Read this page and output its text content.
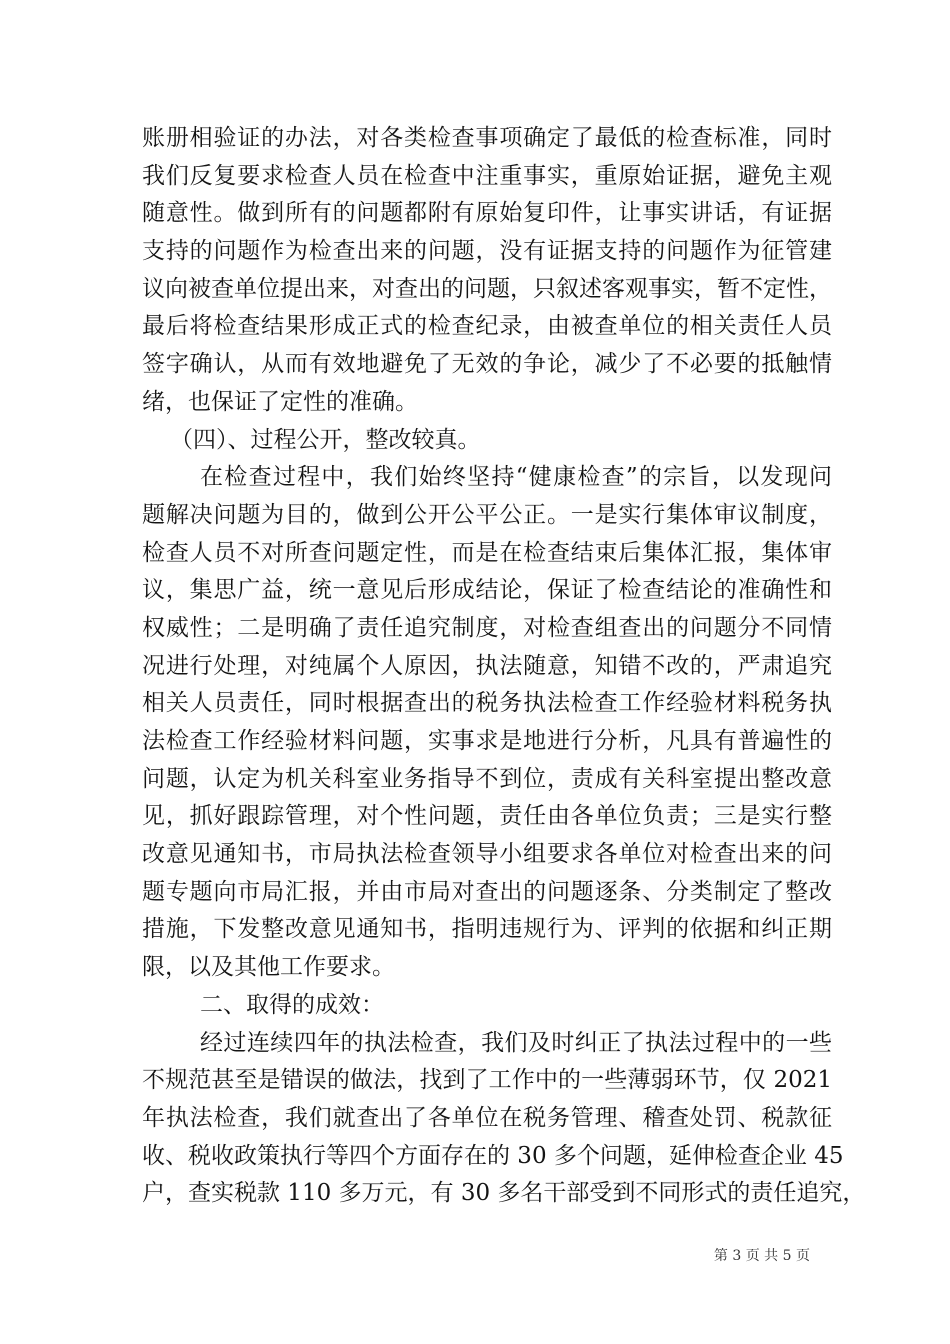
账册相验证的办法，对各类检查事项确定了最低的检查标准，同时
我们反复要求检查人员在检查中注重事实，重原始证据，避免主观
随意性。做到所有的问题都附有原始复印件，让事实讲话，有证据
支持的问题作为检查出来的问题，没有证据支持的问题作为征管建
议向被查单位提出来，对查出的问题，只叙述客观事实，暂不定性，
最后将检查结果形成正式的检查纪录，由被查单位的相关责任人员
签字确认，从而有效地避免了无效的争论，减少了不必要的抵触情
绪，也保证了定性的准确。
（四）、过程公开，整改较真。
在检查过程中，我们始终坚持“健康检查”的宗旨，以发现问
题解决问题为目的，做到公开公平公正。一是实行集体审议制度，
检查人员不对所查问题定性，而是在检查结束后集体汇报，集体审
议，集思广益，统一意见后形成结论，保证了检查结论的准确性和
权威性；二是明确了责任追究制度，对检查组查出的问题分不同情
况进行处理，对纯属个人原因，执法随意，知错不改的，严肃追究
相关人员责任，同时根据查出的税务执法检查工作经验材料税务执
法检查工作经验材料问题，实事求是地进行分析，凡具有普遍性的
问题，认定为机关科室业务指导不到位，责成有关科室提出整改意
见，抓好跟踪管理，对个性问题，责任由各单位负责；三是实行整
改意见通知书，市局执法检查领导小组要求各单位对检查出来的问
题专题向市局汇报，并由市局对查出的问题逐条、分类制定了整改
措施，下发整改意见通知书，指明违规行为、评判的依据和纠正期
限，以及其他工作要求。
二、取得的成效：
经过连续四年的执法检查，我们及时纠正了执法过程中的一些
不规范甚至是错误的做法，找到了工作中的一些薄弱环节，仅 2021
年执法检查，我们就查出了各单位在税务管理、稽查处罚、税款征
收、税收政策执行等四个方面存在的 30 多个问题，延伸检查企业 45
户，查实税款 110 多万元，有 30 多名干部受到不同形式的责任追究，
第 3 页 共 5 页
